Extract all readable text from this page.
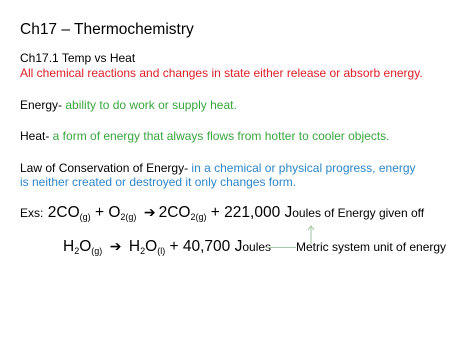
Ch17 – Thermochemistry
Ch17.1 Temp vs Heat
All chemical reactions and changes in state either release or absorb energy.
Energy- ability to do work or supply heat.
Heat- a form of energy that always flows from hotter to cooler objects.
Law of Conservation of Energy- in a chemical or physical progress, energy
is neither created or destroyed it only changes form.
Exs: $2CO_{(g)} + O_{2(g)}$ ➔ $2CO_{2(g)} + 221,000$ Joules of Energy given off
$H_2O_{(g)}$ ➔ $H_2O_{(l)} + 40,700$ Joules Metric system unit of energy
